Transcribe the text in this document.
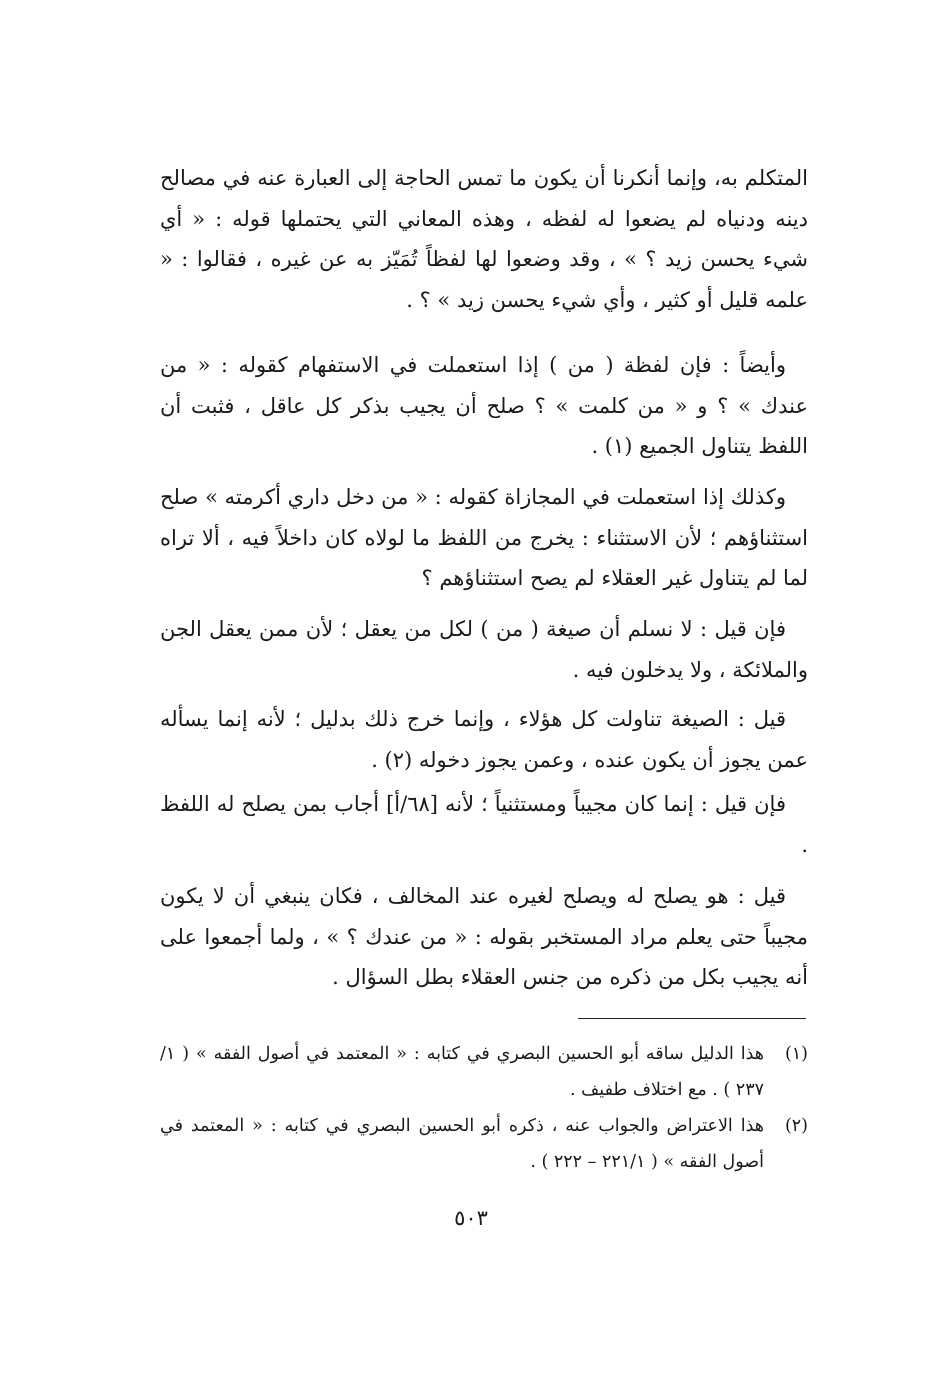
المتكلم به، وإنما أنكرنا أن يكون ما تمس الحاجة إلى العبارة عنه في مصالح دينه ودنياه لم يضعوا له لفظه ، وهذه المعاني التي يحتملها قوله : « أي شيء يحسن زيد ؟ » ، وقد وضعوا لها لفظاً تُمَيّز به عن غيره ، فقالوا : « علمه قليل أو كثير ، وأي شيء يحسن زيد » ؟ .

وأيضاً : فإن لفظة ( من ) إذا استعملت في الاستفهام كقوله : « من عندك » ؟ و « من كلمت » ؟ صلح أن يجيب بذكر كل عاقل ، فثبت أن اللفظ يتناول الجميع (١) .

وكذلك إذا استعملت في المجازاة كقوله : « من دخل داري أكرمته » صلح استثناؤهم ؛ لأن الاستثناء : يخرج من اللفظ ما لولاه كان داخلاً فيه ، ألا تراه لما لم يتناول غير العقلاء لم يصح استثناؤهم ؟

فإن قيل : لا نسلم أن صيغة ( من ) لكل من يعقل ؛ لأن ممن يعقل الجن والملائكة ، ولا يدخلون فيه .

قيل : الصيغة تناولت كل هؤلاء ، وإنما خرج ذلك بدليل ؛ لأنه إنما يسأله عمن يجوز أن يكون عنده ، وعمن يجوز دخوله (٢) .

فإن قيل : إنما كان مجيباً ومستثنياً ؛ لأنه [٦٨/أ] أجاب بمن يصلح له اللفظ .

قيل : هو يصلح له ويصلح لغيره عند المخالف ، فكان ينبغي أن لا يكون مجيباً حتى يعلم مراد المستخبر بقوله : « من عندك ؟ » ، ولما أجمعوا على أنه يجيب بكل من ذكره من جنس العقلاء بطل السؤال .

(١)
هذا الدليل ساقه أبو الحسين البصري في كتابه : « المعتمد في أصول الفقه » ( ١/ ٢٣٧ ) . مع اختلاف طفيف .
(٢)
هذا الاعتراض والجواب عنه ، ذكره أبو الحسين البصري في كتابه : « المعتمد في أصول الفقه » ( ٢٢١/١ – ٢٢٢ ) .
٥٠٣
